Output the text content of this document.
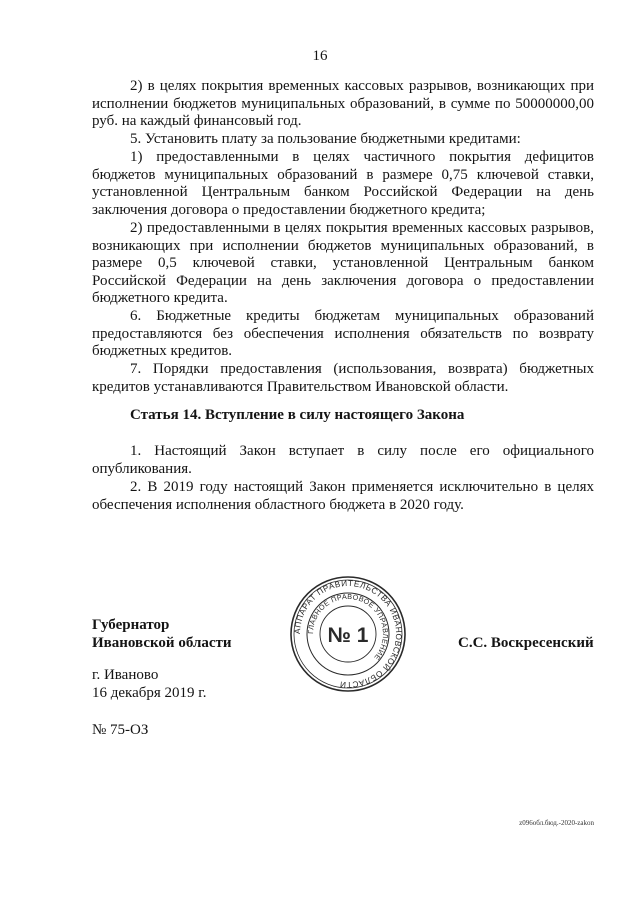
16

2) в целях покрытия временных кассовых разрывов, возникающих при исполнении бюджетов муниципальных образований, в сумме по 50000000,00 руб. на каждый финансовый год.

5. Установить плату за пользование бюджетными кредитами:

1) предоставленными в целях частичного покрытия дефицитов бюджетов муниципальных образований в размере 0,75 ключевой ставки, установленной Центральным банком Российской Федерации на день заключения договора о предоставлении бюджетного кредита;

2) предоставленными в целях покрытия временных кассовых разрывов, возникающих при исполнении бюджетов муниципальных образований, в размере 0,5 ключевой ставки, установленной Центральным банком Российской Федерации на день заключения договора о предоставлении бюджетного кредита.

6. Бюджетные кредиты бюджетам муниципальных образований предоставляются без обеспечения исполнения обязательств по возврату бюджетных кредитов.

7. Порядки предоставления (использования, возврата) бюджетных кредитов устанавливаются Правительством Ивановской области.

Статья 14. Вступление в силу настоящего Закона

1. Настоящий Закон вступает в силу после его официального опубликования.

2. В 2019 году настоящий Закон применяется исключительно в целях обеспечения исполнения областного бюджета в 2020 году.

Губернатор
Ивановской области	С.С. Воскресенский
АППАРАТ ПРАВИТЕЛЬСТВА ИВАНОВСКОЙ ОБЛАСТИ
ГЛАВНОЕ ПРАВОВОЕ УПРАВЛЕНИЕ
№ 1
г. Иваново
16 декабря 2019 г.
№ 75-ОЗ
z096обл.бюд.-2020-zakon
